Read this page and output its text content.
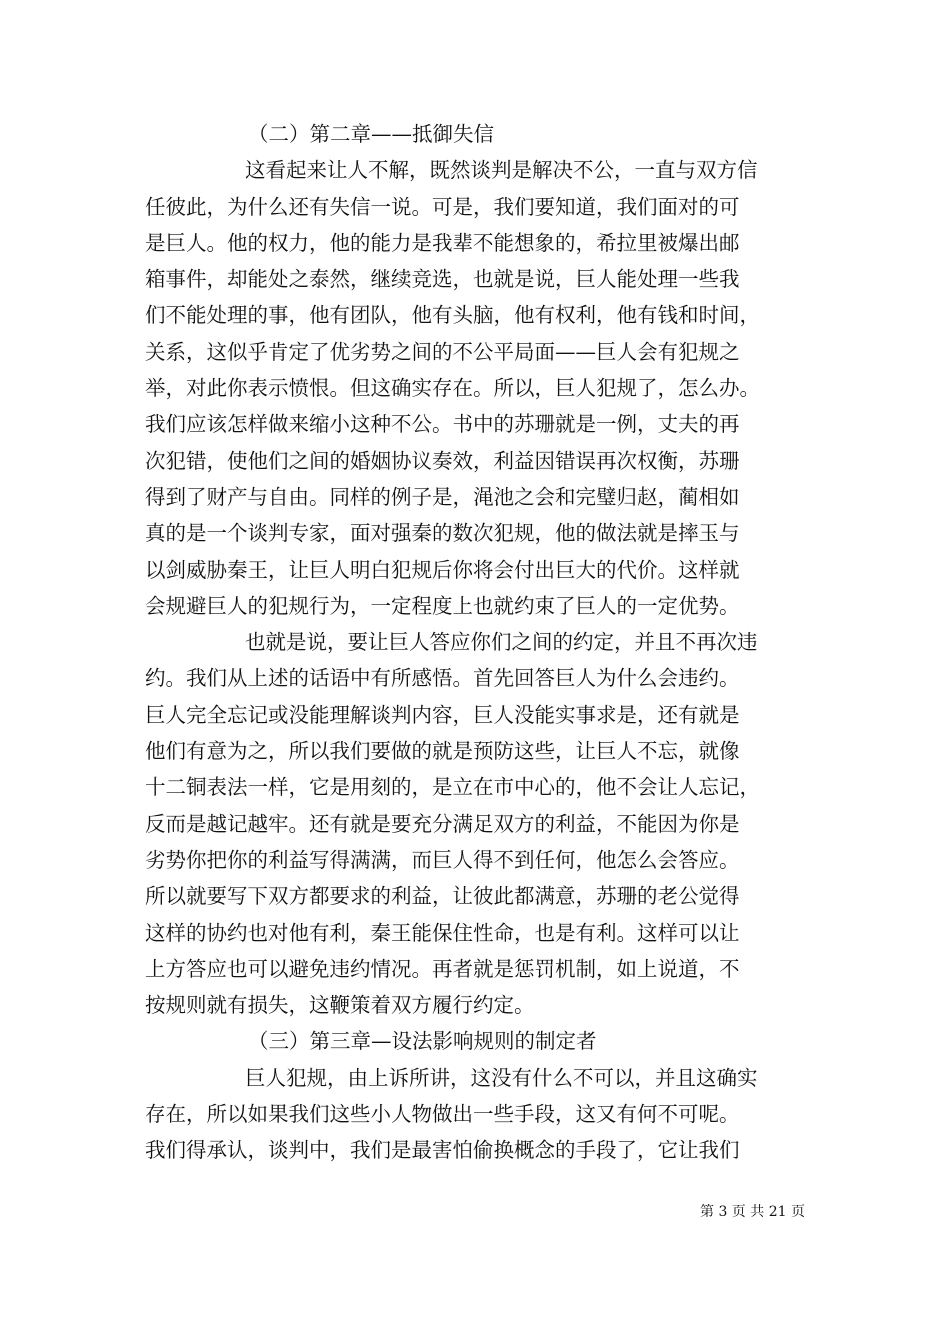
（二）第二章——抵御失信
这看起来让人不解，既然谈判是解决不公，一直与双方信
任彼此，为什么还有失信一说。可是，我们要知道，我们面对的可
是巨人。他的权力，他的能力是我辈不能想象的，希拉里被爆出邮
箱事件，却能处之泰然，继续竞选，也就是说，巨人能处理一些我
们不能处理的事，他有团队，他有头脑，他有权利，他有钱和时间，
关系，这似乎肯定了优劣势之间的不公平局面——巨人会有犯规之
举，对此你表示愤恨。但这确实存在。所以，巨人犯规了，怎么办。
我们应该怎样做来缩小这种不公。书中的苏珊就是一例，丈夫的再
次犯错，使他们之间的婚姻协议奏效，利益因错误再次权衡，苏珊
得到了财产与自由。同样的例子是，渑池之会和完璧归赵，蔺相如
真的是一个谈判专家，面对强秦的数次犯规，他的做法就是摔玉与
以剑威胁秦王，让巨人明白犯规后你将会付出巨大的代价。这样就
会规避巨人的犯规行为，一定程度上也就约束了巨人的一定优势。
也就是说，要让巨人答应你们之间的约定，并且不再次违
约。我们从上述的话语中有所感悟。首先回答巨人为什么会违约。
巨人完全忘记或没能理解谈判内容，巨人没能实事求是，还有就是
他们有意为之，所以我们要做的就是预防这些，让巨人不忘，就像
十二铜表法一样，它是用刻的，是立在市中心的，他不会让人忘记，
反而是越记越牢。还有就是要充分满足双方的利益，不能因为你是
劣势你把你的利益写得满满，而巨人得不到任何，他怎么会答应。
所以就要写下双方都要求的利益，让彼此都满意，苏珊的老公觉得
这样的协约也对他有利，秦王能保住性命，也是有利。这样可以让
上方答应也可以避免违约情况。再者就是惩罚机制，如上说道，不
按规则就有损失，这鞭策着双方履行约定。
（三）第三章—设法影响规则的制定者
巨人犯规，由上诉所讲，这没有什么不可以，并且这确实
存在，所以如果我们这些小人物做出一些手段，这又有何不可呢。
我们得承认，谈判中，我们是最害怕偷换概念的手段了，它让我们
第 3 页 共 21 页
